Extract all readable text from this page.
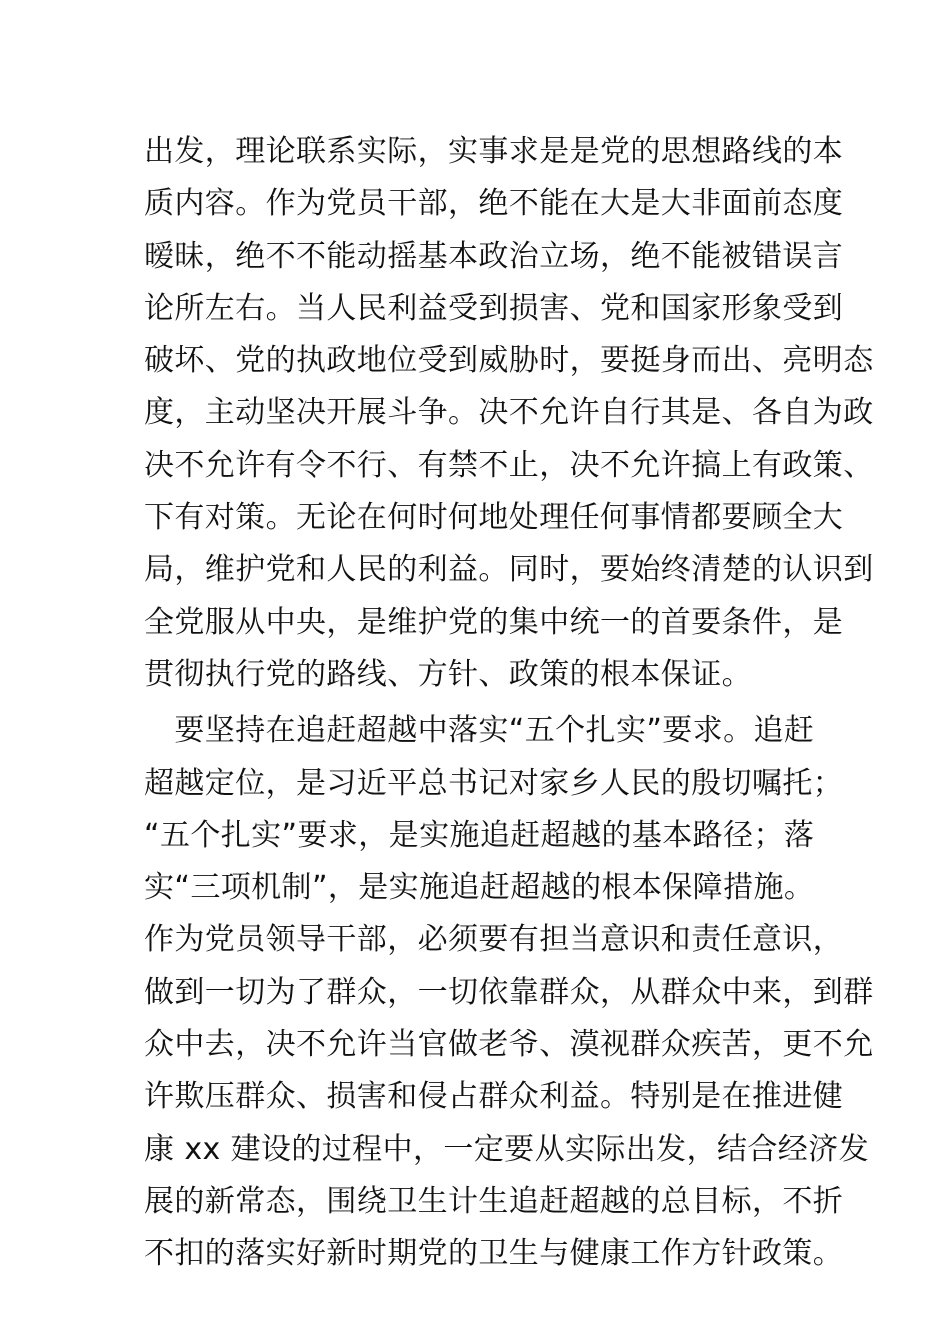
出发，理论联系实际，实事求是是党的思想路线的本
质内容。作为党员干部，绝不能在大是大非面前态度
暧昧，绝不不能动摇基本政治立场，绝不能被错误言
论所左右。当人民利益受到损害、党和国家形象受到
破坏、党的执政地位受到威胁时，要挺身而出、亮明态
度，主动坚决开展斗争。决不允许自行其是、各自为政
决不允许有令不行、有禁不止，决不允许搞上有政策、
下有对策。无论在何时何地处理任何事情都要顾全大
局，维护党和人民的利益。同时，要始终清楚的认识到
全党服从中央，是维护党的集中统一的首要条件，是
贯彻执行党的路线、方针、政策的根本保证。
　要坚持在追赶超越中落实“五个扎实”要求。追赶
超越定位，是习近平总书记对家乡人民的殷切嘱托；
“五个扎实”要求，是实施追赶超越的基本路径；落
实“三项机制”，是实施追赶超越的根本保障措施。
作为党员领导干部，必须要有担当意识和责任意识，
做到一切为了群众，一切依靠群众，从群众中来，到群
众中去，决不允许当官做老爷、漠视群众疾苦，更不允
许欺压群众、损害和侵占群众利益。特别是在推进健
康 xx 建设的过程中，一定要从实际出发，结合经济发
展的新常态，围绕卫生计生追赶超越的总目标，不折
不扣的落实好新时期党的卫生与健康工作方针政策。
